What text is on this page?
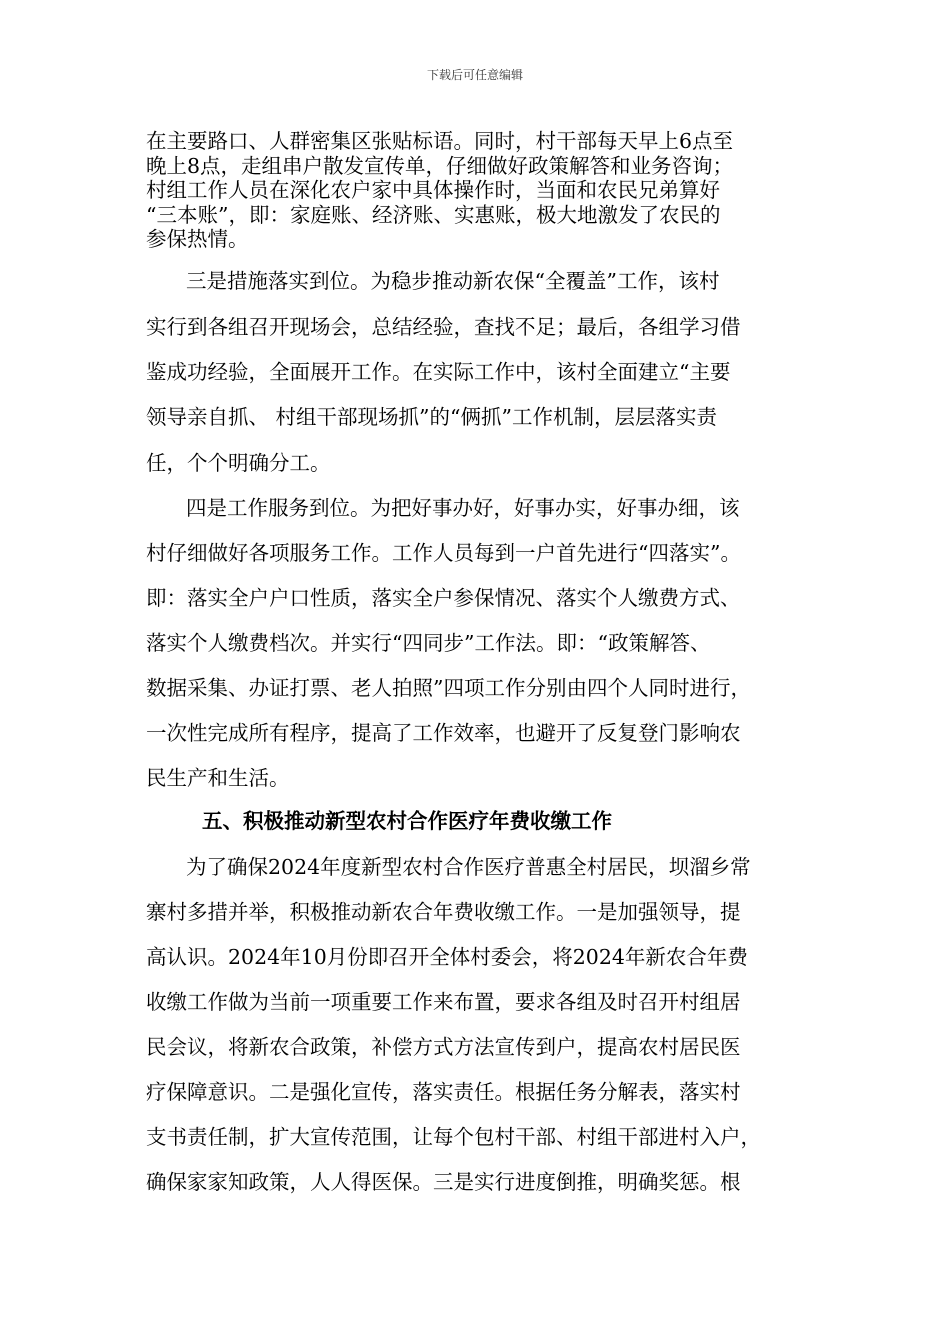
下载后可任意编辑
在主要路口、人群密集区张贴标语。同时，村干部每天早上6点至
晚上8点，走组串户散发宣传单，仔细做好政策解答和业务咨询；
村组工作人员在深化农户家中具体操作时，当面和农民兄弟算好
“三本账”，即：家庭账、经济账、实惠账，极大地激发了农民的
参保热情。
三是措施落实到位。为稳步推动新农保“全覆盖”工作，该村
实行到各组召开现场会，总结经验，查找不足；最后，各组学习借
鉴成功经验，全面展开工作。在实际工作中，该村全面建立“主要
领导亲自抓、 村组干部现场抓”的“俩抓”工作机制，层层落实责
任，个个明确分工。
四是工作服务到位。为把好事办好，好事办实，好事办细，该
村仔细做好各项服务工作。工作人员每到一户首先进行“四落实”。
即：落实全户户口性质，落实全户参保情况、落实个人缴费方式、
落实个人缴费档次。并实行“四同步”工作法。即：“政策解答、
数据采集、办证打票、老人拍照”四项工作分别由四个人同时进行，
一次性完成所有程序，提高了工作效率，也避开了反复登门影响农
民生产和生活。
五、积极推动新型农村合作医疗年费收缴工作
为了确保2024年度新型农村合作医疗普惠全村居民，坝溜乡常
寨村多措并举，积极推动新农合年费收缴工作。一是加强领导，提
高认识。2024年10月份即召开全体村委会，将2024年新农合年费
收缴工作做为当前一项重要工作来布置，要求各组及时召开村组居
民会议，将新农合政策，补偿方式方法宣传到户，提高农村居民医
疗保障意识。二是强化宣传，落实责任。根据任务分解表，落实村
支书责任制，扩大宣传范围，让每个包村干部、村组干部进村入户，
确保家家知政策，人人得医保。三是实行进度倒推，明确奖惩。根
